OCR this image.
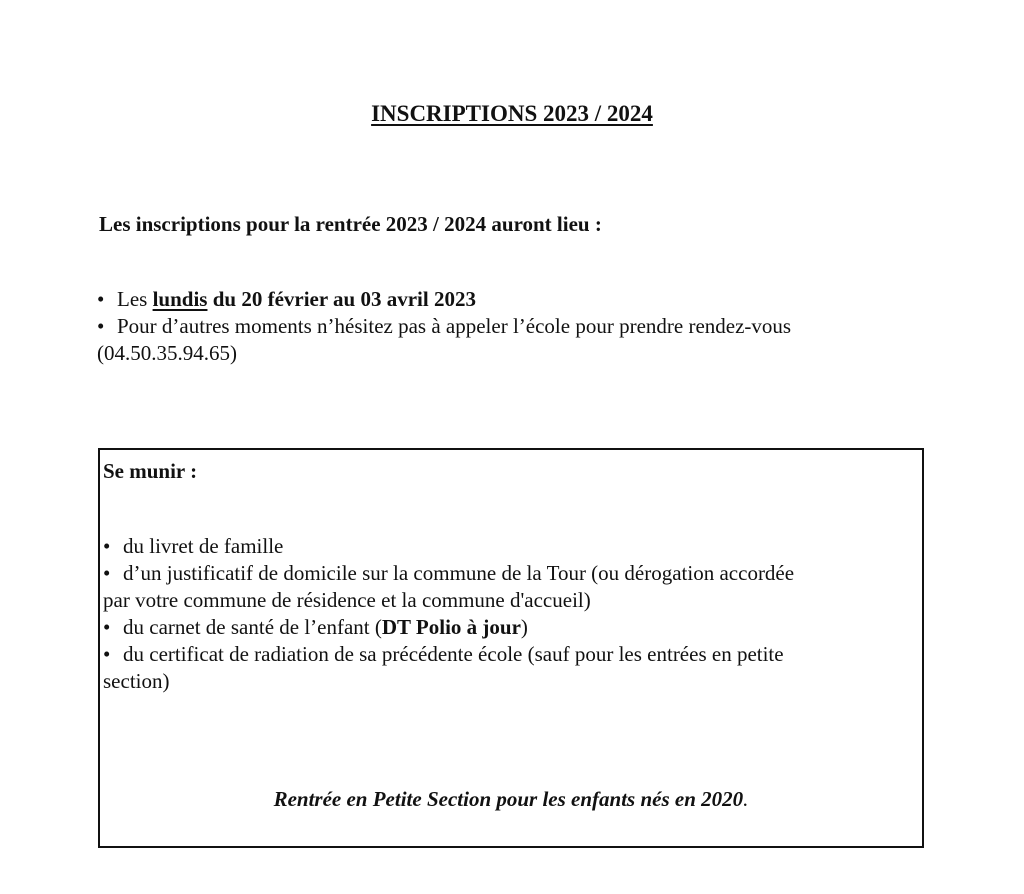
INSCRIPTIONS 2023 / 2024
Les inscriptions pour la rentrée 2023 / 2024 auront lieu :
• Les lundis du 20 février au 03 avril 2023
• Pour d’autres moments n’hésitez pas à appeler l’école pour prendre rendez-vous
(04.50.35.94.65)
Se munir :
• du livret de famille
• d’un justificatif de domicile sur la commune de la Tour (ou dérogation accordée
par votre commune de résidence et la commune d'accueil)
• du carnet de santé de l’enfant (DT Polio à jour)
• du certificat de radiation de sa précédente école (sauf pour les entrées en petite
section)
Rentrée en Petite Section pour les enfants nés en 2020.
